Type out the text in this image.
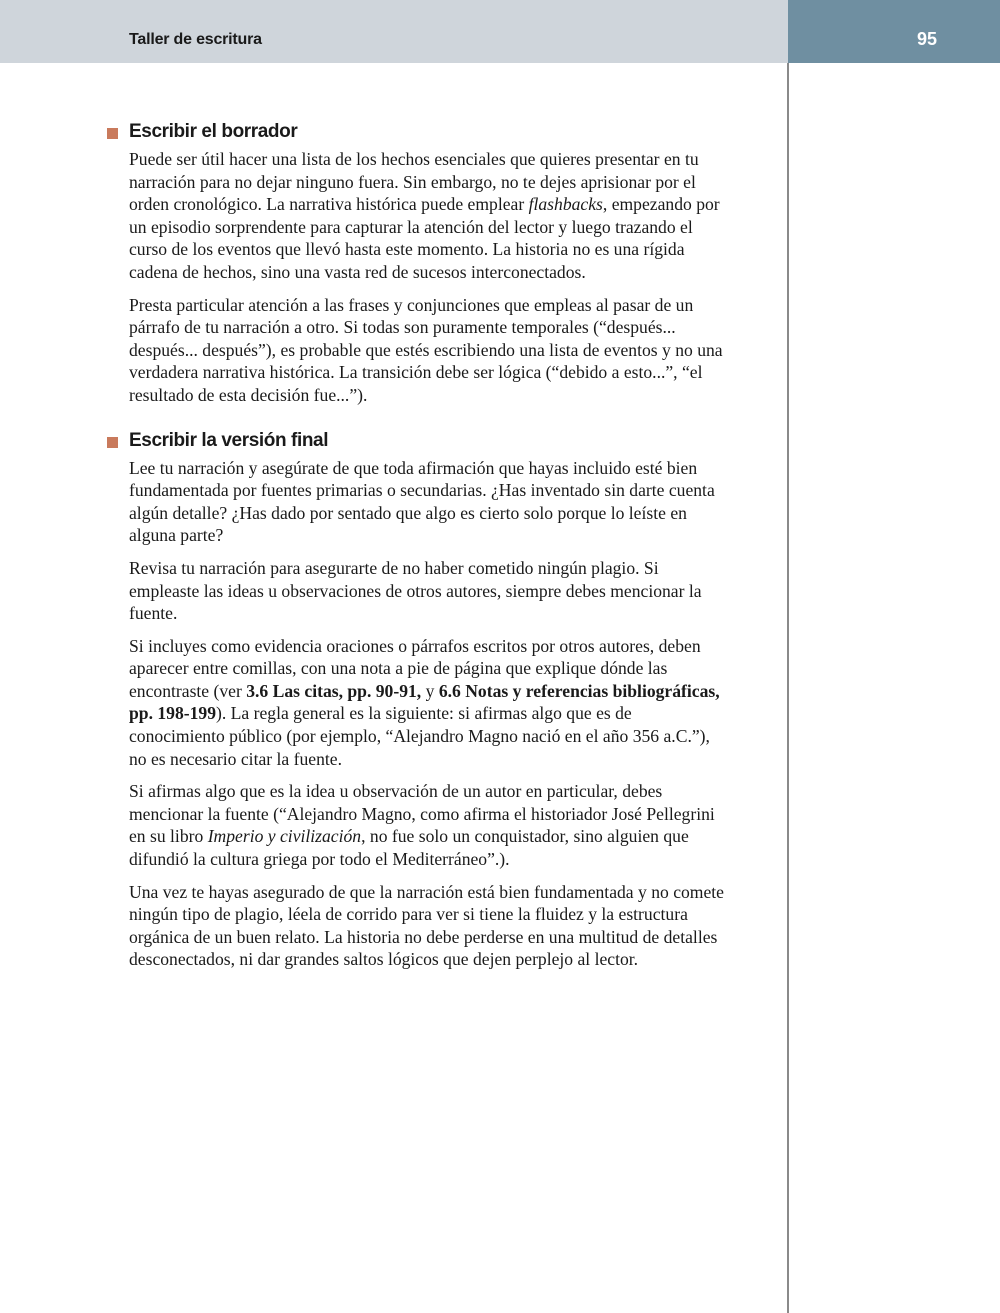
Taller de escritura	95
Escribir el borrador

Puede ser útil hacer una lista de los hechos esenciales que quieres presentar en tu narración para no dejar ninguno fuera. Sin embargo, no te dejes aprisionar por el orden cronológico. La narrativa histórica puede emplear flashbacks, empezando por un episodio sorprendente para capturar la atención del lector y luego trazando el curso de los eventos que llevó hasta este momento. La historia no es una rígida cadena de hechos, sino una vasta red de sucesos interconectados.

Presta particular atención a las frases y conjunciones que empleas al pasar de un párrafo de tu narración a otro. Si todas son puramente temporales (“después... después... después”), es probable que estés escribiendo una lista de eventos y no una verdadera narrativa histórica. La transición debe ser lógica (“debido a esto...”, “el resultado de esta decisión fue...”).

Escribir la versión final

Lee tu narración y asegúrate de que toda afirmación que hayas incluido esté bien fundamentada por fuentes primarias o secundarias. ¿Has inventado sin darte cuenta algún detalle? ¿Has dado por sentado que algo es cierto solo porque lo leíste en alguna parte?

Revisa tu narración para asegurarte de no haber cometido ningún plagio. Si empleaste las ideas u observaciones de otros autores, siempre debes mencionar la fuente.

Si incluyes como evidencia oraciones o párrafos escritos por otros autores, deben aparecer entre comillas, con una nota a pie de página que explique dónde las encontraste (ver 3.6 Las citas, pp. 90-91, y 6.6 Notas y referencias bibliográficas, pp. 198-199). La regla general es la siguiente: si afirmas algo que es de conocimiento público (por ejemplo, “Alejandro Magno nació en el año 356 a.C.”), no es necesario citar la fuente.

Si afirmas algo que es la idea u observación de un autor en particular, debes mencionar la fuente (“Alejandro Magno, como afirma el historiador José Pellegrini en su libro Imperio y civilización, no fue solo un conquistador, sino alguien que difundió la cultura griega por todo el Mediterráneo”.).

Una vez te hayas asegurado de que la narración está bien fundamentada y no comete ningún tipo de plagio, léela de corrido para ver si tiene la fluidez y la estructura orgánica de un buen relato. La historia no debe perderse en una multitud de detalles desconectados, ni dar grandes saltos lógicos que dejen perplejo al lector.
